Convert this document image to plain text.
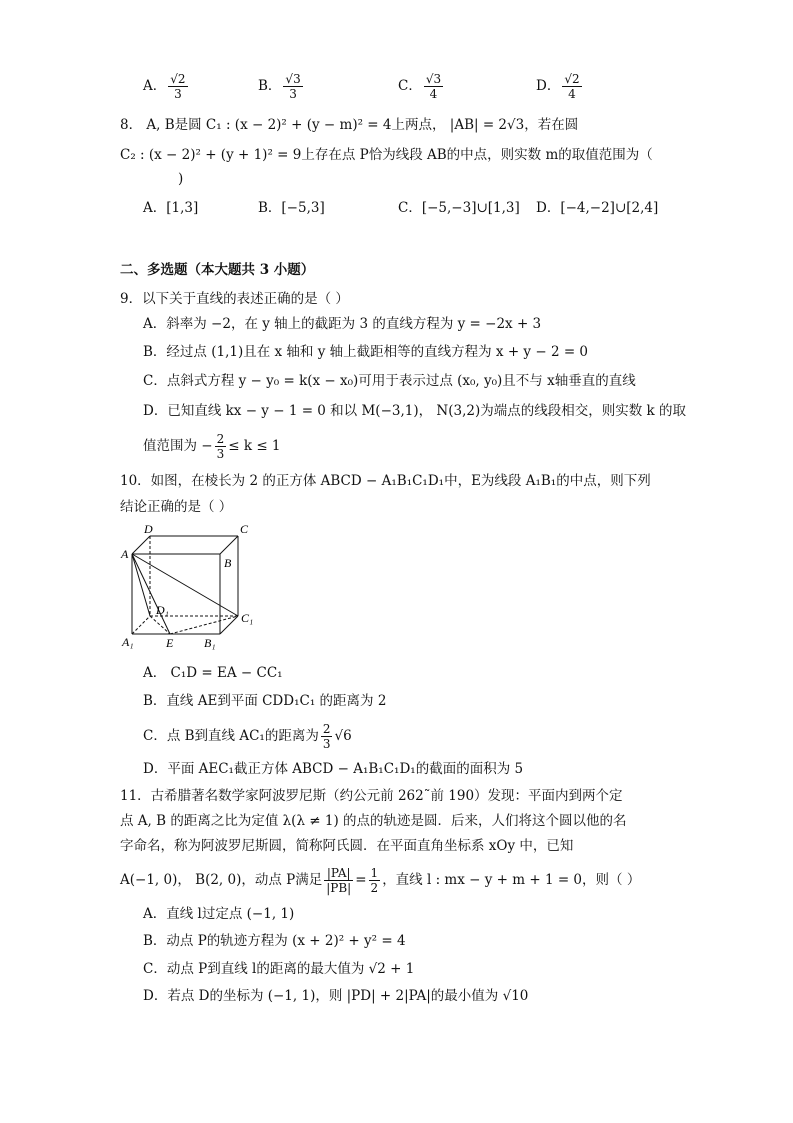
A． $\frac{√2}{3}$	B． $\frac{√3}{3}$	C． $\frac{√3}{4}$	D． $\frac{√2}{4}$
8． A, B是圆 C₁ : (x − 2)² + (y − m)² = 4上两点， |AB| = 2√3，若在圆
C₂ : (x − 2)² + (y + 1)² = 9上存在点 P恰为线段 AB的中点，则实数 m的取值范围为（
)
A．[1,3]	B．[−5,3]	C．[−5,−3]∪[1,3] D．[−4,−2]∪[2,4]
二、多选题（本大题共 3 小题）
9．以下关于直线的表述正确的是（ ）
A．斜率为 −2，在 y 轴上的截距为 3 的直线方程为 y = −2x + 3
B．经过点 (1,1)且在 x 轴和 y 轴上截距相等的直线方程为 x + y − 2 = 0
C．点斜式方程 y − y₀ = k(x − x₀)可用于表示过点 (x₀, y₀)且不与 x轴垂直的直线
D．已知直线 kx − y − 1 = 0 和以 M(−3,1)， N(3,2)为端点的线段相交，则实数 k 的取
值范围为 − $\frac{2}{3} \le k \le 1$
10．如图，在棱长为 2 的正方体 ABCD − A₁B₁C₁D₁中，E为线段 A₁B₁的中点，则下列
结论正确的是（ ）
D	C
A
B
D₁
C₁
A₁	E	B₁
A． C₁D = EA − CC₁
B．直线 AE到平面 CDD₁C₁ 的距离为 2
C．点 B到直线 AC₁的距离为 $\frac{2}{3} √6$
D．平面 AEC₁截正方体 ABCD − A₁B₁C₁D₁的截面的面积为 5
11．古希腊著名数学家阿波罗尼斯（约公元前 262˜前 190）发现：平面内到两个定
点 A, B 的距离之比为定值 λ(λ ≠ 1) 的点的轨迹是圆．后来，人们将这个圆以他的名
字命名，称为阿波罗尼斯圆，简称阿氏圆．在平面直角坐标系 xOy 中，已知
A(−1, 0)， B(2, 0)，动点 P满足 $\frac{|PA|}{|PB|} = \frac{1}{2}$ ，直线 l : mx − y + m + 1 = 0，则（ ）
A．直线 l过定点 (−1, 1)
B．动点 P的轨迹方程为 (x + 2)² + y² = 4
C．动点 P到直线 l的距离的最大值为 √2 + 1
D．若点 D的坐标为 (−1, 1)，则 |PD| + 2|PA|的最小值为 √10
